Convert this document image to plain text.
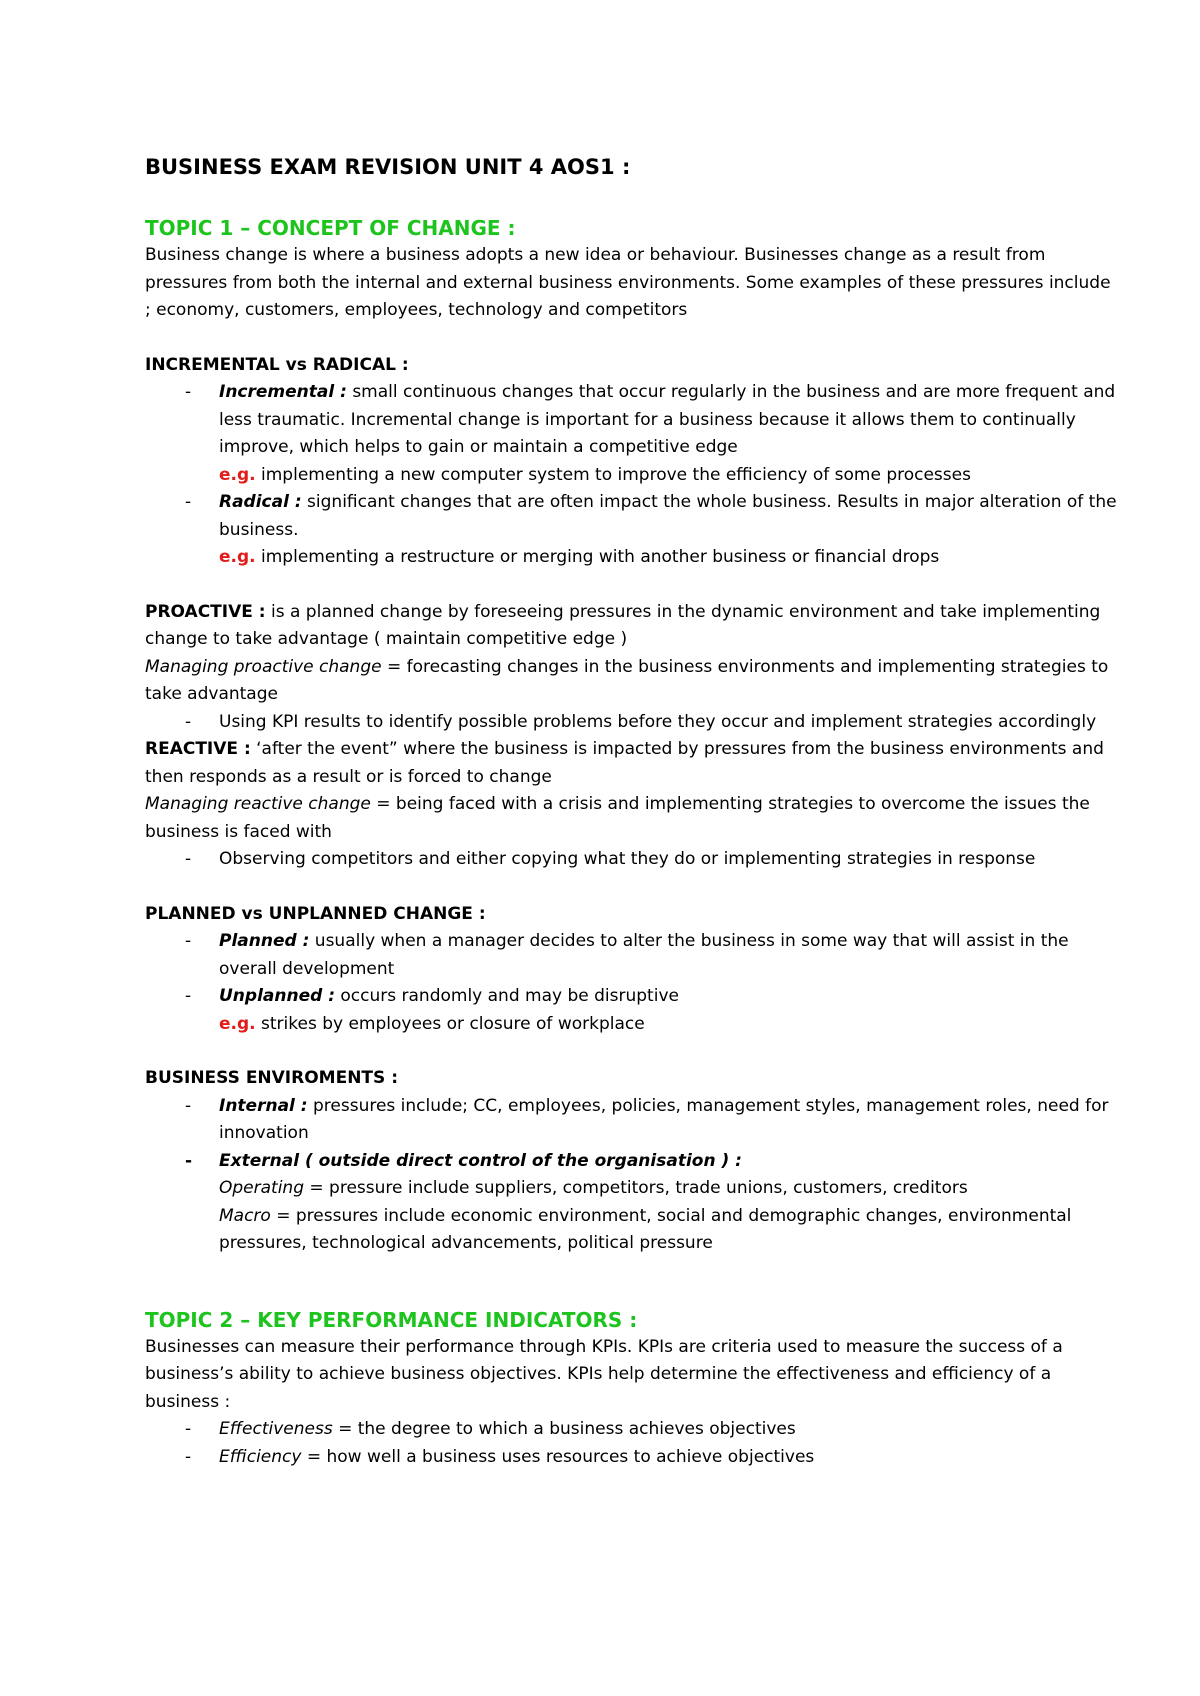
BUSINESS EXAM REVISION UNIT 4 AOS1 :
TOPIC 1 – CONCEPT OF CHANGE :

Business change is where a business adopts a new idea or behaviour. Businesses change as a result from pressures from both the internal and external business environments. Some examples of these pressures include ; economy, customers, employees, technology and competitors

INCREMENTAL vs RADICAL :

-	Incremental : small continuous changes that occur regularly in the business and are more frequent and less traumatic. Incremental change is important for a business because it allows them to continually improve, which helps to gain or maintain a competitive edge
e.g. implementing a new computer system to improve the efficiency of some processes
-	Radical : significant changes that are often impact the whole business. Results in major alteration of the business.
e.g. implementing a restructure or merging with another business or financial drops

PROACTIVE : is a planned change by foreseeing pressures in the dynamic environment and take implementing change to take advantage ( maintain competitive edge )

Managing proactive change = forecasting changes in the business environments and implementing strategies to take advantage

-	Using KPI results to identify possible problems before they occur and implement strategies accordingly

REACTIVE : ‘after the event” where the business is impacted by pressures from the business environments and then responds as a result or is forced to change

Managing reactive change = being faced with a crisis and implementing strategies to overcome the issues the business is faced with

-	Observing competitors and either copying what they do or implementing strategies in response

PLANNED vs UNPLANNED CHANGE :

-	Planned : usually when a manager decides to alter the business in some way that will assist in the overall development
-	Unplanned : occurs randomly and may be disruptive
e.g. strikes by employees or closure of workplace

BUSINESS ENVIROMENTS :

-	Internal : pressures include; CC, employees, policies, management styles, management roles, need for innovation
-	External ( outside direct control of the organisation ) :
Operating = pressure include suppliers, competitors, trade unions, customers, creditors
Macro = pressures include economic environment, social and demographic changes, environmental pressures, technological advancements, political pressure
TOPIC 2 – KEY PERFORMANCE INDICATORS :

Businesses can measure their performance through KPIs. KPIs are criteria used to measure the success of a business’s ability to achieve business objectives. KPIs help determine the effectiveness and efficiency of a business :

-	Effectiveness = the degree to which a business achieves objectives
-	Efficiency = how well a business uses resources to achieve objectives
